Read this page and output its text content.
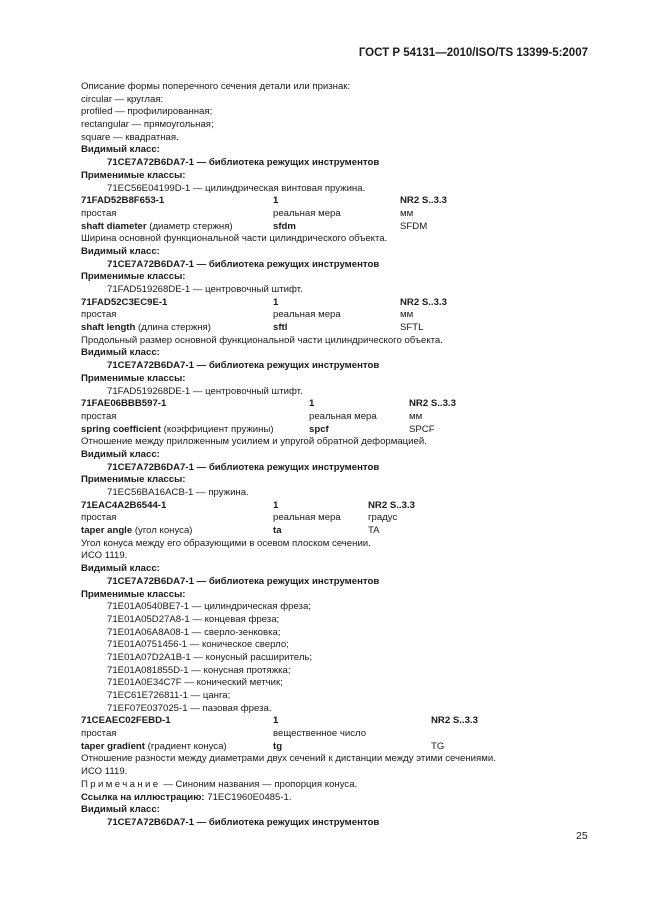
ГОСТ Р 54131—2010/ISO/TS 13399-5:2007
Описание формы поперечного сечения детали или признак:
circular — круглая:
profiled — профилированная;
rectangular — прямоугольная;
square — квадратная.
Видимый класс:
71CE7A72B6DA7-1 — библиотека режущих инструментов
Применимые классы:
71EC56E04199D-1 — цилиндрическая винтовая пружина.
71FAD52B8F653-1	1	NR2 S..3.3
простая	реальная мера	мм
shaft diameter (диаметр стержня)	sfdm	SFDM
Ширина основной функциональной части цилиндрического объекта.
Видимый класс:
71CE7A72B6DA7-1 — библиотека режущих инструментов
Применимые классы:
71FAD519268DE-1 — центровочный штифт.
71FAD52C3EC9E-1	1	NR2 S..3.3
простая	реальная мера	мм
shaft length (длина стержня)	sftl	SFTL
Продольный размер основной функциональной части цилиндрического объекта.
Видимый класс:
71CE7A72B6DA7-1 — библиотека режущих инструментов
Применимые классы:
71FAD519268DE-1 — центровочный штифт.
71FAE06BBB597-1	1	NR2 S..3.3
простая	реальная мера	мм
spring coefficient (коэффициент пружины)	spcf	SPCF
Отношение между приложенным усилием и упругой обратной деформацией.
Видимый класс:
71CE7A72B6DA7-1 — библиотека режущих инструментов
Применимые классы:
71EC56BA16ACB-1 — пружина.
71EAC4A2B6544-1	1	NR2 S..3.3
простая	реальная мера	градус
taper angle (угол конуса)	ta	TA
Угол конуса между его образующими в осевом плоском сечении.
ИСО 1119.
Видимый класс:
71CE7A72B6DA7-1 — библиотека режущих инструментов
Применимые классы:
71E01A0540BE7-1 — цилиндрическая фреза;
71E01A05D27A8-1 — концевая фреза;
71E01A06A8A08-1 — сверло-зенковка;
71E01A0751456-1 — коническое сверло;
71E01A07D2A1B-1 — конусный расширитель;
71E01A081855D-1 — конусная протяжка;
71E01A0E34C7F — конический метчик;
71EC61E726811-1 — цанга;
71EF07E037025-1 — пазовая фреза.
71CEAEC02FEBD-1	1	NR2 S..3.3
простая	вещественное число
taper gradient (градиент конуса)	tg	TG
Отношение разности между диаметрами двух сечений к дистанции между этими сечениями.
ИСО 1119.
Примечание — Синоним названия — пропорция конуса.
Ссылка на иллюстрацию: 71EC1960E0485-1.
Видимый класс:
71CE7A72B6DA7-1 — библиотека режущих инструментов
25
